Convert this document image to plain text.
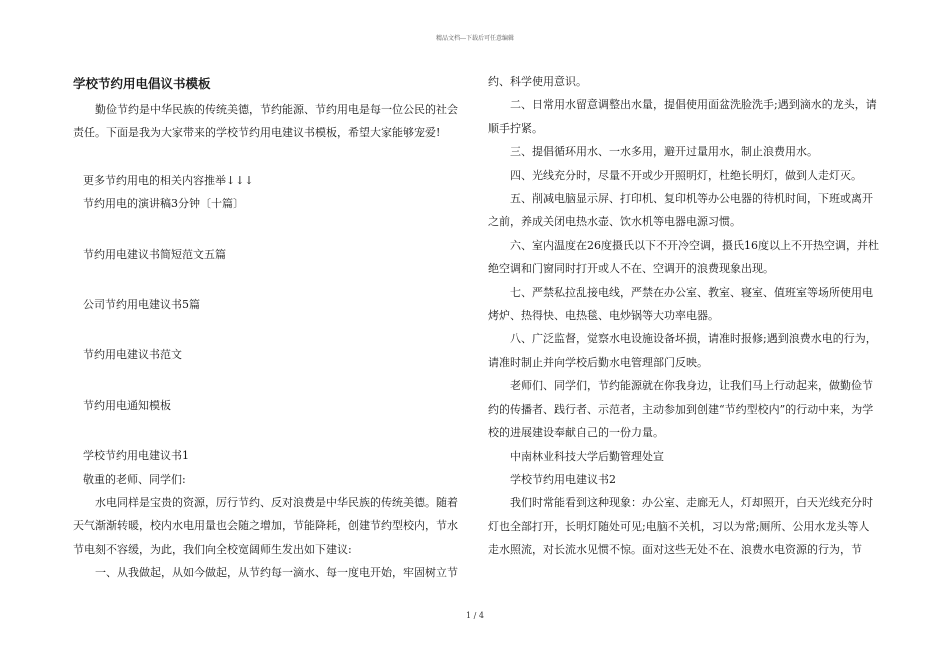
精品文档---下载后可任意编辑

学校节约用电倡议书模板

勤俭节约是中华民族的传统美德，节约能源、节约用电是每一位公民的社会责任。下面是我为大家带来的学校节约用电建议书模板，希望大家能够宠爱!

更多节约用电的相关内容推举↓↓↓

节约用电的演讲稿3分钟〔十篇〕

节约用电建议书简短范文五篇

公司节约用电建议书5篇

节约用电建议书范文

节约用电通知模板

学校节约用电建议书1

敬重的老师、同学们:

水电同样是宝贵的资源，厉行节约、反对浪费是中华民族的传统美德。随着天气渐渐转暖，校内水电用量也会随之增加，节能降耗，创建节约型校内，节水节电刻不容缓，为此，我们向全校宽阔师生发出如下建议:

一、从我做起，从如今做起，从节约每一滴水、每一度电开始，牢固树立节

约、科学使用意识。

二、日常用水留意调整出水量，提倡使用面盆洗脸洗手;遇到滴水的龙头，请顺手拧紧。

三、提倡循环用水、一水多用，避开过量用水，制止浪费用水。

四、光线充分时，尽量不开或少开照明灯，杜绝长明灯，做到人走灯灭。

五、削减电脑显示屏、打印机、复印机等办公电器的待机时间，下班或离开之前，养成关闭电热水壶、饮水机等电器电源习惯。

六、室内温度在26度摄氏以下不开冷空调，摄氏16度以上不开热空调，并杜绝空调和门窗同时打开或人不在、空调开的浪费现象出现。

七、严禁私拉乱接电线，严禁在办公室、教室、寝室、值班室等场所使用电烤炉、热得快、电热毯、电炒锅等大功率电器。

八、广泛监督，觉察水电设施设备坏损，请准时报修;遇到浪费水电的行为，请准时制止并向学校后勤水电管理部门反映。

老师们、同学们，节约能源就在你我身边，让我们马上行动起来，做勤俭节约的传播者、践行者、示范者，主动参加到创建“节约型校内”的行动中来，为学校的进展建设奉献自己的一份力量。

中南林业科技大学后勤管理处宣

学校节约用电建议书2

我们时常能看到这种现象：办公室、走廊无人，灯却照开，白天光线充分时灯也全部打开，长明灯随处可见;电脑不关机，习以为常;厕所、公用水龙头等人走水照流，对长流水见惯不惊。面对这些无处不在、浪费水电资源的行为，节

1 / 4
